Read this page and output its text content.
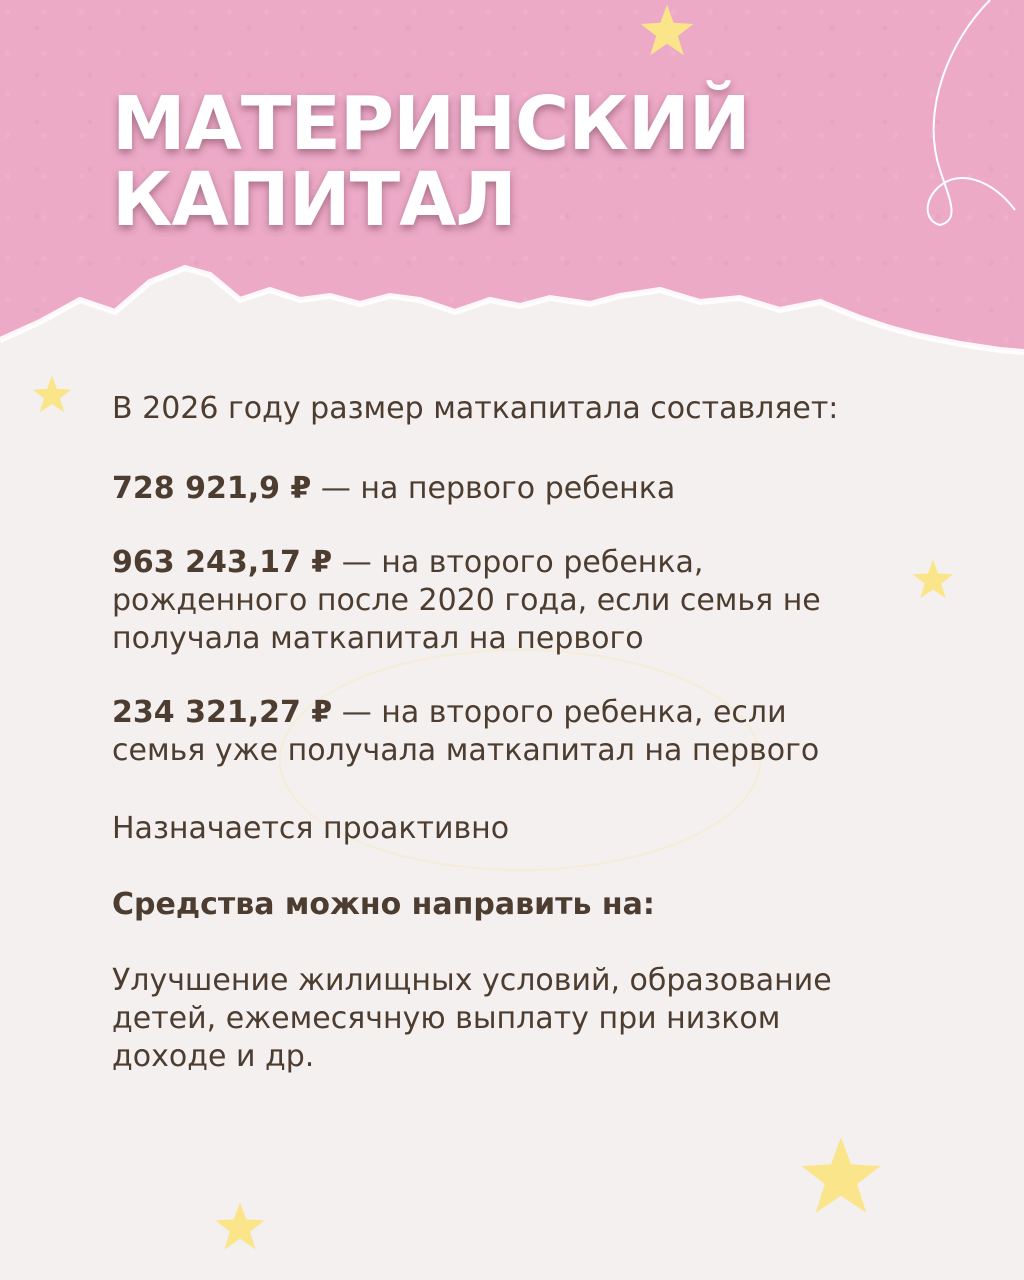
МАТЕРИНСКИЙ
КАПИТАЛ

В 2026 году размер маткапитала составляет:

728 921,9 ₽ — на первого ребенка

963 243,17 ₽ — на второго ребенка, рожденного после 2020 года, если семья не получала маткапитал на первого

234 321,27 ₽ — на второго ребенка, если семья уже получала маткапитал на первого

Назначается проактивно

Средства можно направить на:

Улучшение жилищных условий, образование детей, ежемесячную выплату при низком доходе и др.
